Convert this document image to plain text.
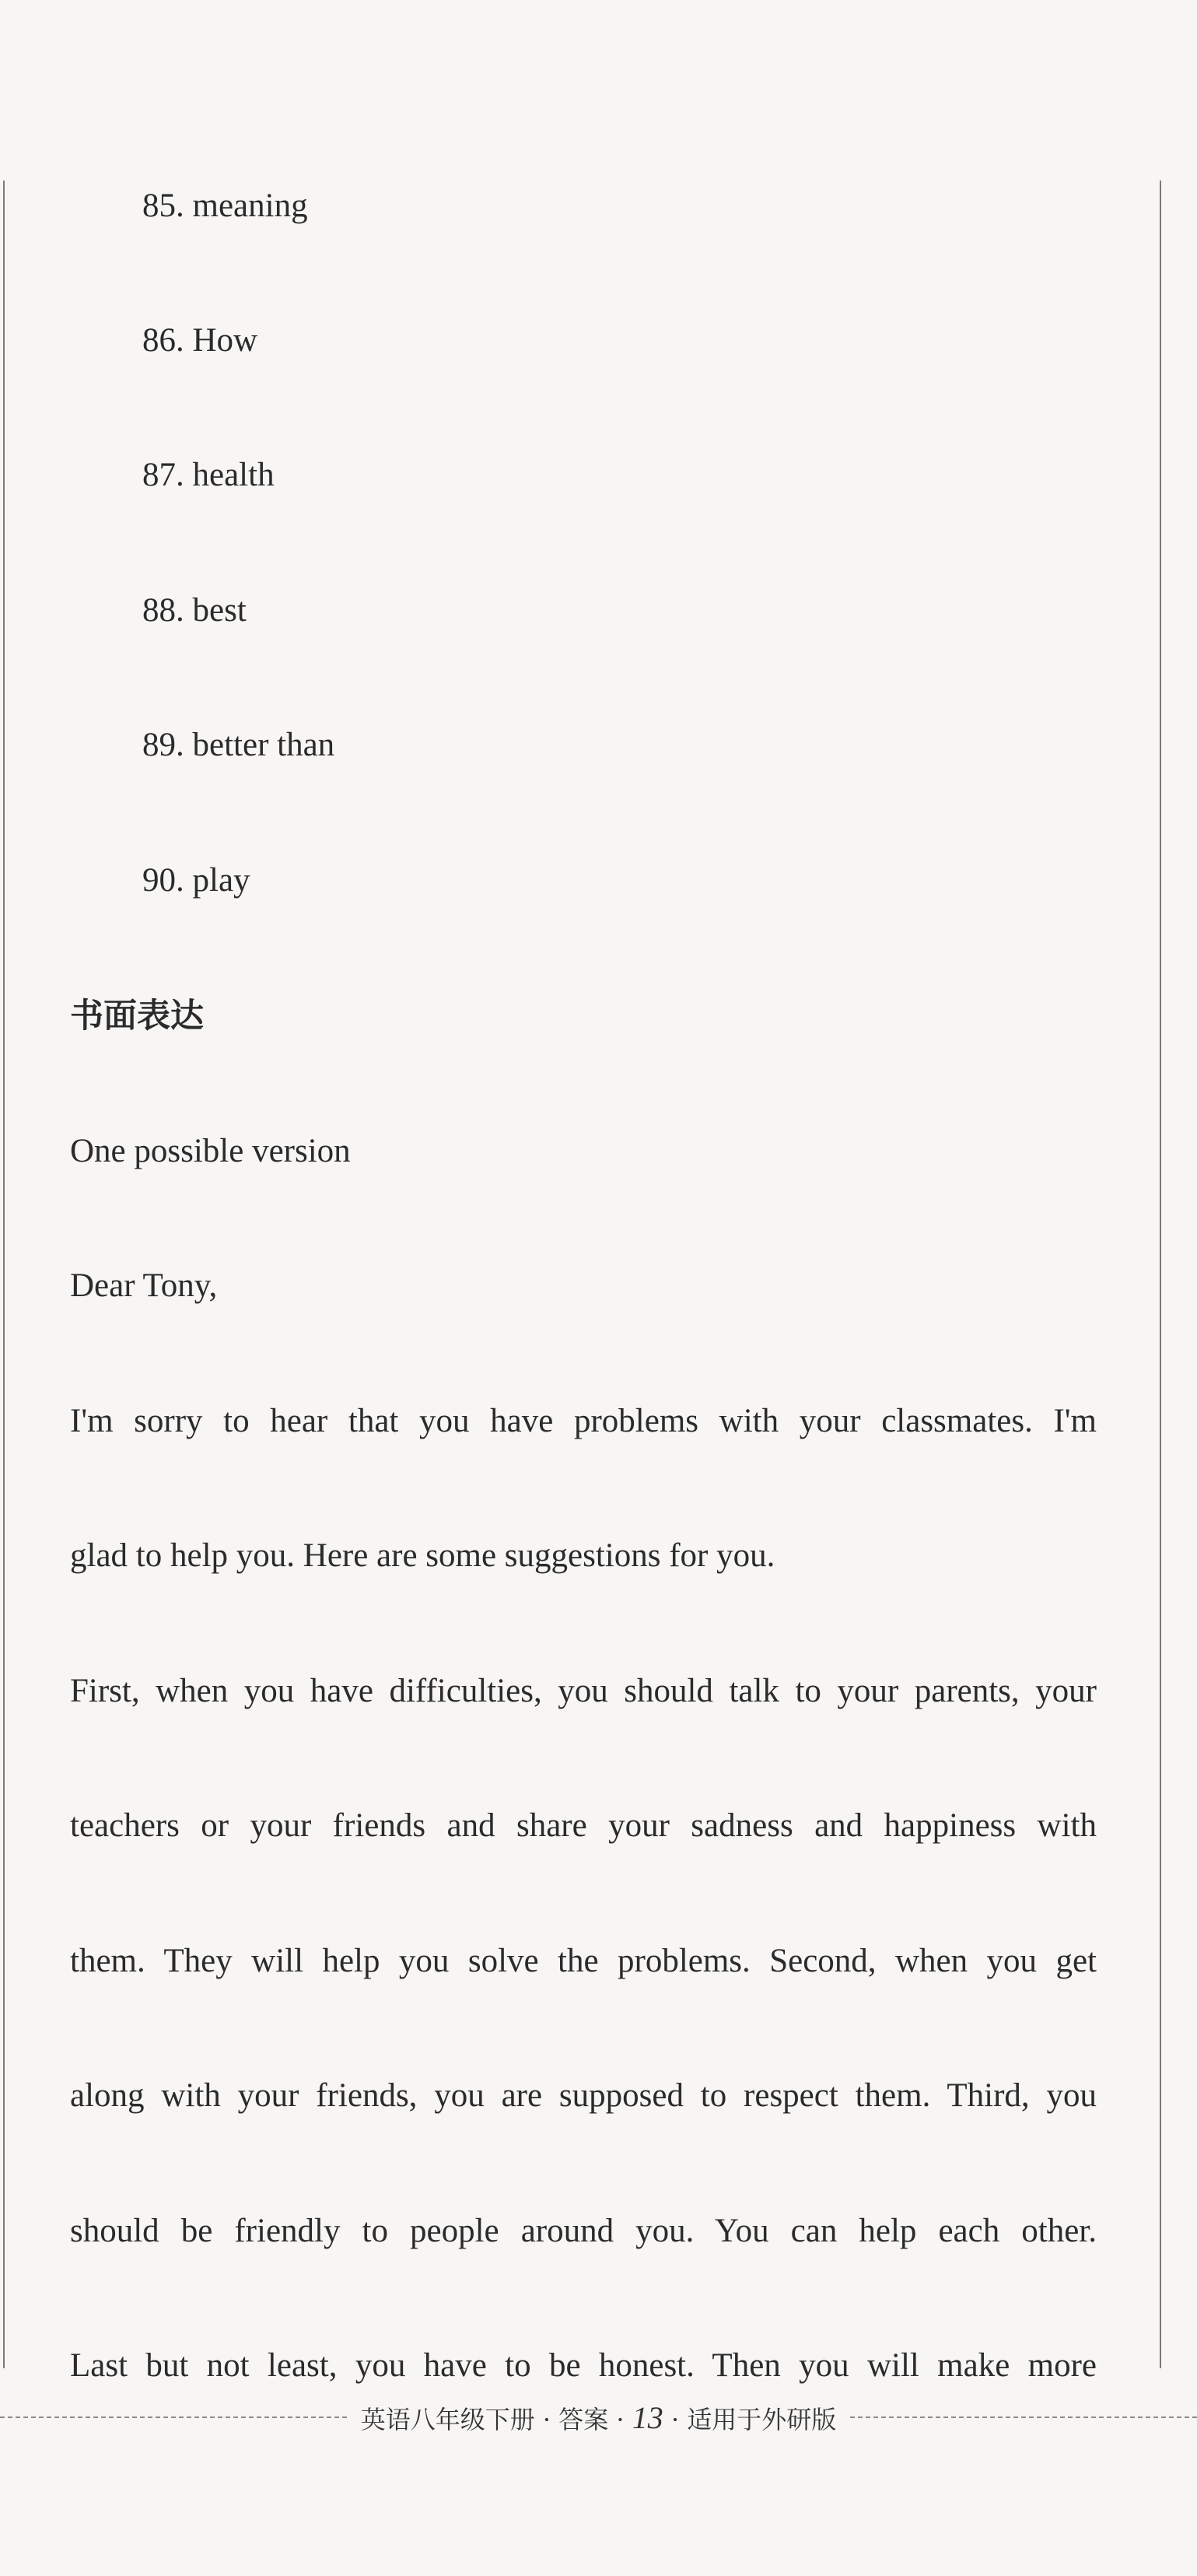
85. meaning
86. How
87. health
88. best
89. better than
90. play
书面表达
One possible version
Dear Tony,
I'm sorry to hear that you have problems with your classmates. I'm
glad to help you. Here are some suggestions for you.
First, when you have difficulties, you should talk to your parents, your
teachers or your friends and share your sadness and happiness with
them. They will help you solve the problems. Second, when you get
along with your friends, you are supposed to respect them. Third, you
should be friendly to people around you. You can help each other.
Last but not least, you have to be honest. Then you will make more
英语八年级下册 · 答案 · 13 · 适用于外研版
